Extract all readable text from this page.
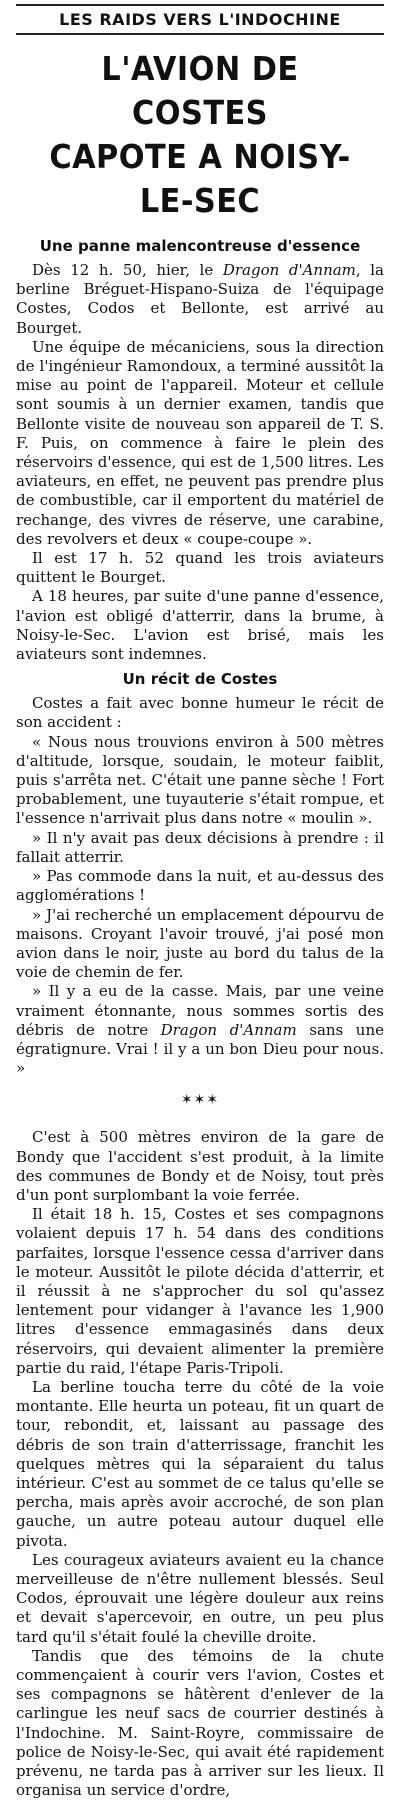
LES RAIDS VERS L'INDOCHINE
L'AVION DE COSTES
CAPOTE A NOISY-LE-SEC
Une panne malencontreuse d'essence

Dès 12 h. 50, hier, le Dragon d'Annam, la berline Bréguet-Hispano-Suiza de l'équipage Costes, Codos et Bellonte, est arrivé au Bourget.

Une équipe de mécaniciens, sous la direction de l'ingénieur Ramondoux, a terminé aussitôt la mise au point de l'appareil. Moteur et cellule sont soumis à un dernier examen, tandis que Bellonte visite de nouveau son appareil de T. S. F. Puis, on commence à faire le plein des réservoirs d'essence, qui est de 1,500 litres. Les aviateurs, en effet, ne peuvent pas prendre plus de combustible, car il emportent du matériel de rechange, des vivres de réserve, une carabine, des revolvers et deux « coupe-coupe ».

Il est 17 h. 52 quand les trois aviateurs quittent le Bourget.

A 18 heures, par suite d'une panne d'essence, l'avion est obligé d'atterrir, dans la brume, à Noisy-le-Sec. L'avion est brisé, mais les aviateurs sont indemnes.

Un récit de Costes

Costes a fait avec bonne humeur le récit de son accident :

« Nous nous trouvions environ à 500 mètres d'altitude, lorsque, soudain, le moteur faiblit, puis s'arrêta net. C'était une panne sèche ! Fort probablement, une tuyauterie s'était rompue, et l'essence n'arrivait plus dans notre « moulin ».

» Il n'y avait pas deux décisions à prendre : il fallait atterrir.

» Pas commode dans la nuit, et au-dessus des agglomérations !

» J'ai recherché un emplacement dépourvu de maisons. Croyant l'avoir trouvé, j'ai posé mon avion dans le noir, juste au bord du talus de la voie de chemin de fer.

» Il y a eu de la casse. Mais, par une veine vraiment étonnante, nous sommes sortis des débris de notre Dragon d'Annam sans une égratignure. Vrai ! il y a un bon Dieu pour nous. »

✶✶✶

C'est à 500 mètres environ de la gare de Bondy que l'accident s'est produit, à la limite des communes de Bondy et de Noisy, tout près d'un pont surplombant la voie ferrée.

Il était 18 h. 15, Costes et ses compagnons volaient depuis 17 h. 54 dans des conditions parfaites, lorsque l'essence cessa d'arriver dans le moteur. Aussitôt le pilote décida d'atterrir, et il réussit à ne s'approcher du sol qu'assez lentement pour vidanger à l'avance les 1,900 litres d'essence emmagasinés dans deux réservoirs, qui devaient alimenter la première partie du raid, l'étape Paris-Tripoli.

La berline toucha terre du côté de la voie montante. Elle heurta un poteau, fit un quart de tour, rebondit, et, laissant au passage des débris de son train d'atterrissage, franchit les quelques mètres qui la séparaient du talus intérieur. C'est au sommet de ce talus qu'elle se percha, mais après avoir accroché, de son plan gauche, un autre poteau autour duquel elle pivota.

Les courageux aviateurs avaient eu la chance merveilleuse de n'être nullement blessés. Seul Codos, éprouvait une légère douleur aux reins et devait s'apercevoir, en outre, un peu plus tard qu'il s'était foulé la cheville droite.

Tandis que des témoins de la chute commençaient à courir vers l'avion, Costes et ses compagnons se hâtèrent d'enlever de la carlingue les neuf sacs de courrier destinés à l'Indochine. M. Saint-Royre, commissaire de police de Noisy-le-Sec, qui avait été rapidement prévenu, ne tarda pas à arriver sur les lieux. Il organisa un service d'ordre,
